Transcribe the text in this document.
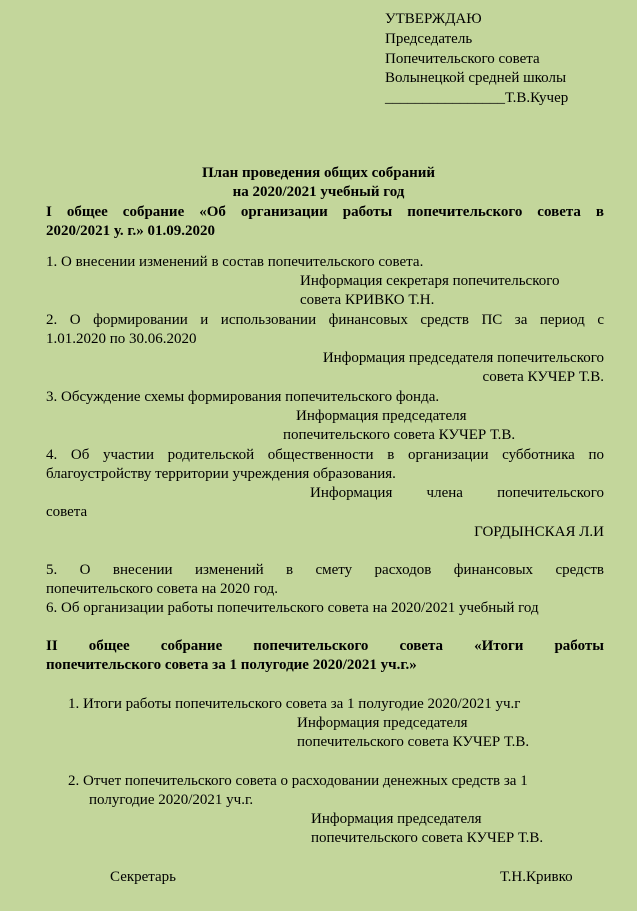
УТВЕРЖДАЮ
Председатель
Попечительского совета
Волынецкой средней школы
________________Т.В.Кучер
План проведения общих собраний
на 2020/2021 учебный год
I общее собрание «Об организации работы попечительского совета в
2020/2021 у. г.» 01.09.2020
1. О внесении изменений в состав попечительского совета.
Информация секретаря попечительского
совета КРИВКО Т.Н.
2. О формировании и использовании финансовых средств ПС за период с
1.01.2020 по 30.06.2020
Информация председателя попечительского
совета КУЧЕР Т.В.
3. Обсуждение схемы формирования попечительского фонда.
Информация председателя
попечительского совета КУЧЕР Т.В.
4. Об участии родительской общественности в организации субботника по
благоустройству территории учреждения образования.
Информация члена попечительского
совета
ГОРДЫНСКАЯ Л.И
5. О внесении изменений в смету расходов финансовых средств
попечительского совета на 2020 год.
6. Об организации работы попечительского совета на 2020/2021 учебный год
II общее собрание попечительского совета «Итоги работы
попечительского совета за 1 полугодие 2020/2021 уч.г.»
1. Итоги работы попечительского совета за 1 полугодие 2020/2021 уч.г
Информация председателя
попечительского совета КУЧЕР Т.В.
2. Отчет попечительского совета о расходовании денежных средств за 1
полугодие 2020/2021 уч.г.
Информация председателя
попечительского совета КУЧЕР Т.В.
Секретарь	Т.Н.Кривко
